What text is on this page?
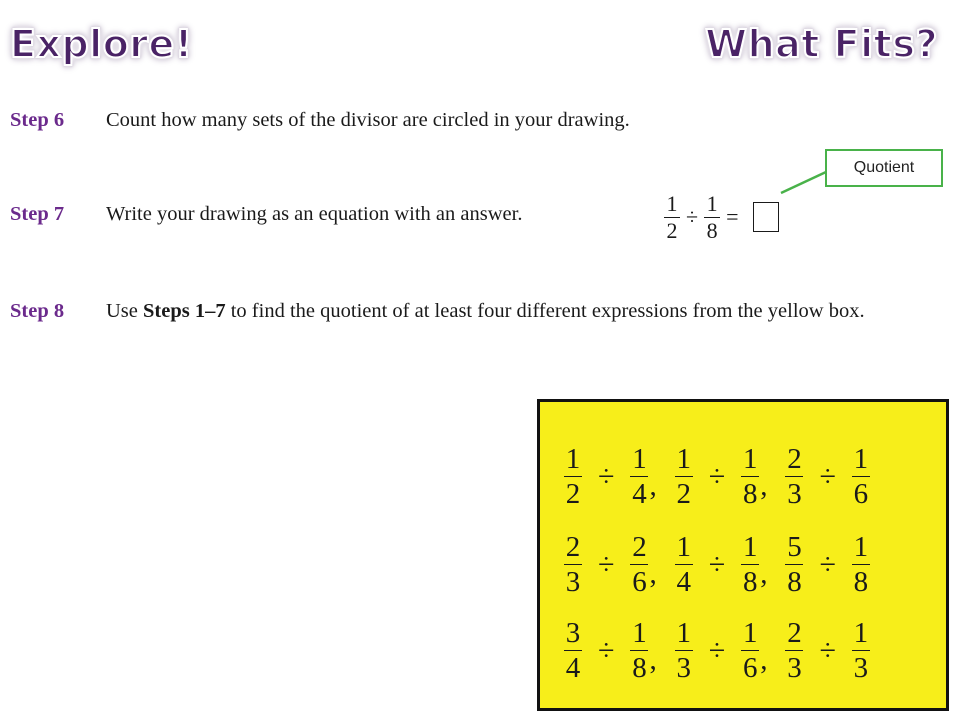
Explore!	What Fits?
Step 6	Count how many sets of the divisor are circled in your drawing.
Step 7	Write your drawing as an equation with an answer.
Step 8	Use Steps 1–7 to find the quotient of at least four different expressions from the yellow box.
Quotient
$\frac{1}{2} \div \frac{1}{8}$ =
$\frac{1}{2} \div \frac{1}{4}$ , $\frac{1}{2} \div \frac{1}{8}$ , $\frac{2}{3} \div \frac{1}{6}$
$\frac{2}{3} \div \frac{2}{6}$ , $\frac{1}{4} \div \frac{1}{8}$ , $\frac{5}{8} \div \frac{1}{8}$
$\frac{3}{4} \div \frac{1}{8}$ , $\frac{1}{3} \div \frac{1}{6}$ , $\frac{2}{3} \div \frac{1}{3}$
